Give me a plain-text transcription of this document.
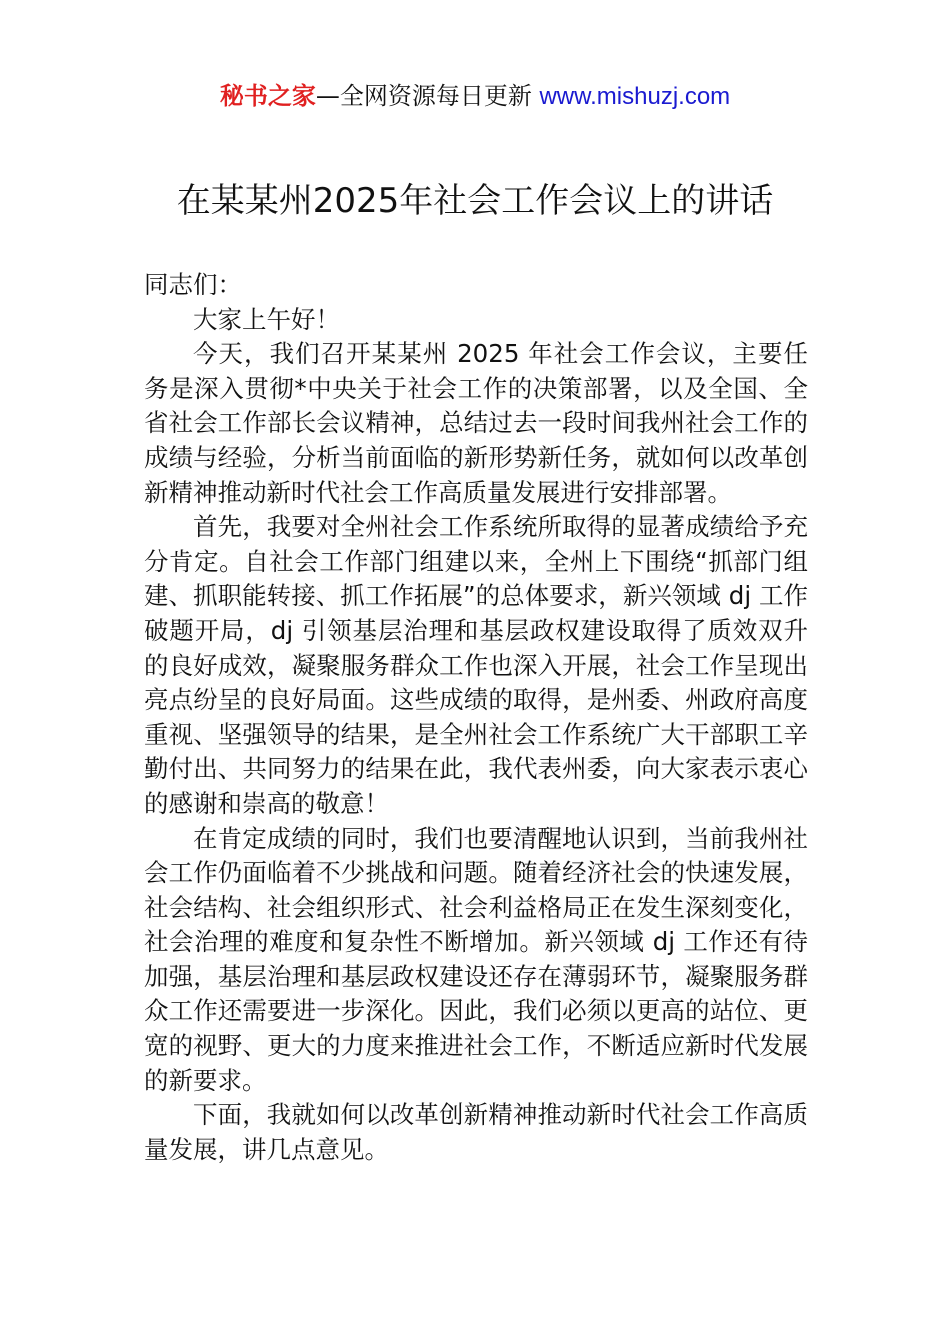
秘书之家—全网资源每日更新 www.mishuzj.com
在某某州2025年社会工作会议上的讲话

同志们：

大家上午好！

今天，我们召开某某州 2025 年社会工作会议，主要任务是深入贯彻*中央关于社会工作的决策部署，以及全国、全省社会工作部长会议精神，总结过去一段时间我州社会工作的成绩与经验，分析当前面临的新形势新任务，就如何以改革创新精神推动新时代社会工作高质量发展进行安排部署。

首先，我要对全州社会工作系统所取得的显著成绩给予充分肯定。自社会工作部门组建以来，全州上下围绕“抓部门组建、抓职能转接、抓工作拓展”的总体要求，新兴领域 dj 工作破题开局，dj 引领基层治理和基层政权建设取得了质效双升的良好成效，凝聚服务群众工作也深入开展，社会工作呈现出亮点纷呈的良好局面。这些成绩的取得，是州委、州政府高度重视、坚强领导的结果，是全州社会工作系统广大干部职工辛勤付出、共同努力的结果在此，我代表州委，向大家表示衷心的感谢和崇高的敬意！

在肯定成绩的同时，我们也要清醒地认识到，当前我州社会工作仍面临着不少挑战和问题。随着经济社会的快速发展，社会结构、社会组织形式、社会利益格局正在发生深刻变化，社会治理的难度和复杂性不断增加。新兴领域 dj 工作还有待加强，基层治理和基层政权建设还存在薄弱环节，凝聚服务群众工作还需要进一步深化。因此，我们必须以更高的站位、更宽的视野、更大的力度来推进社会工作，不断适应新时代发展的新要求。

下面，我就如何以改革创新精神推动新时代社会工作高质量发展，讲几点意见。
